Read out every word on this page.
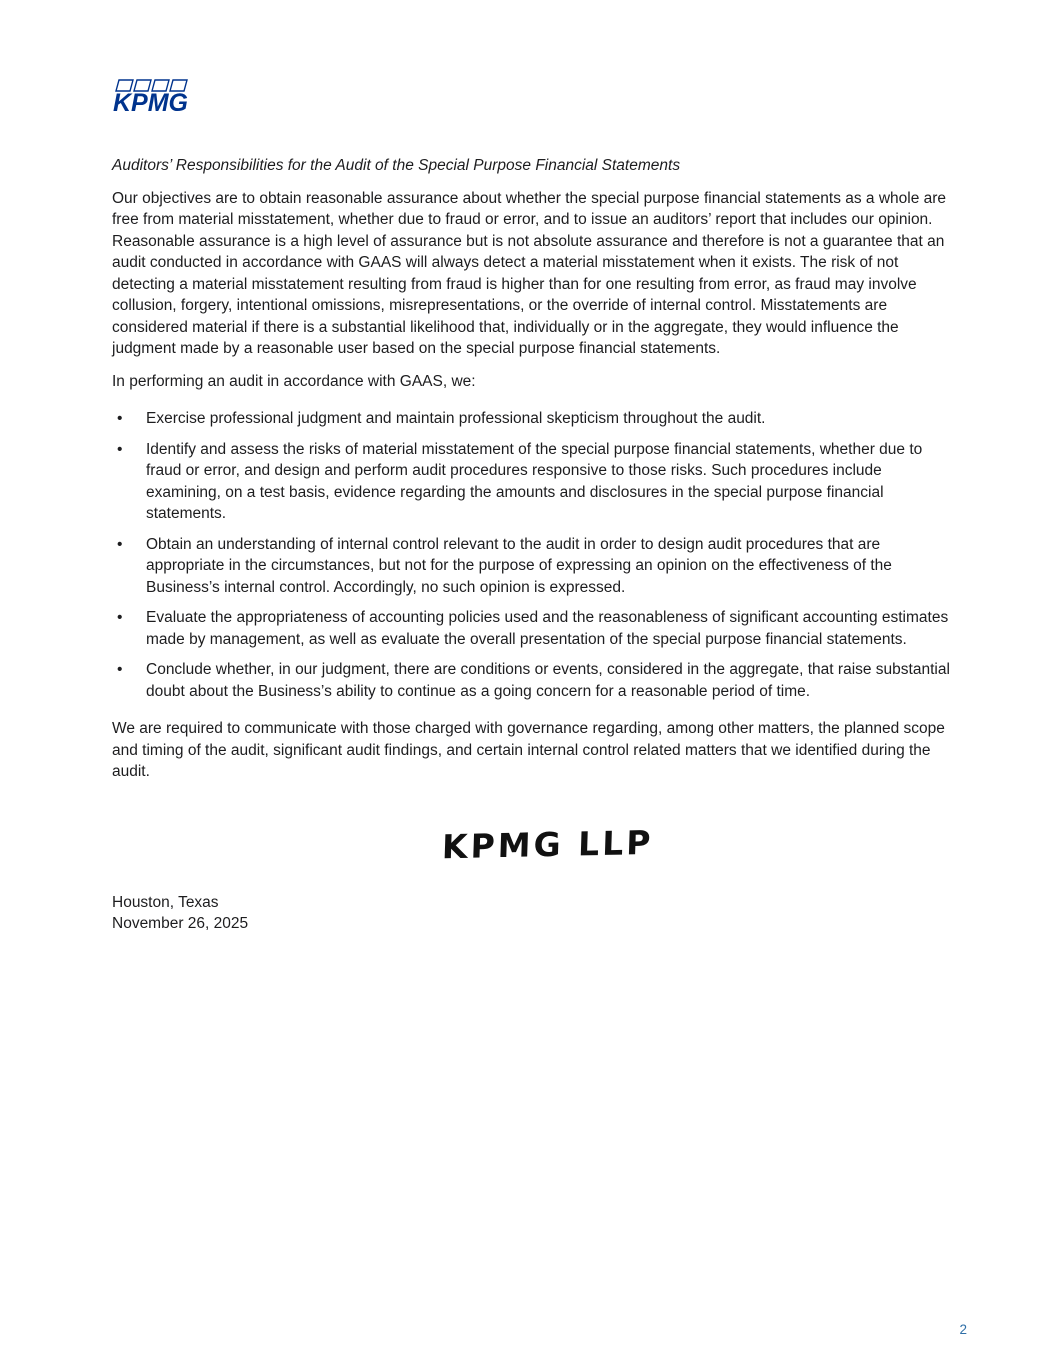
KPMG
Auditors’ Responsibilities for the Audit of the Special Purpose Financial Statements

Our objectives are to obtain reasonable assurance about whether the special purpose financial statements as a whole are free from material misstatement, whether due to fraud or error, and to issue an auditors’ report that includes our opinion. Reasonable assurance is a high level of assurance but is not absolute assurance and therefore is not a guarantee that an audit conducted in accordance with GAAS will always detect a material misstatement when it exists. The risk of not detecting a material misstatement resulting from fraud is higher than for one resulting from error, as fraud may involve collusion, forgery, intentional omissions, misrepresentations, or the override of internal control. Misstatements are considered material if there is a substantial likelihood that, individually or in the aggregate, they would influence the judgment made by a reasonable user based on the special purpose financial statements.

In performing an audit in accordance with GAAS, we:

• Exercise professional judgment and maintain professional skepticism throughout the audit.
• Identify and assess the risks of material misstatement of the special purpose financial statements, whether due to fraud or error, and design and perform audit procedures responsive to those risks. Such procedures include examining, on a test basis, evidence regarding the amounts and disclosures in the special purpose financial statements.
• Obtain an understanding of internal control relevant to the audit in order to design audit procedures that are appropriate in the circumstances, but not for the purpose of expressing an opinion on the effectiveness of the Business’s internal control. Accordingly, no such opinion is expressed.
• Evaluate the appropriateness of accounting policies used and the reasonableness of significant accounting estimates made by management, as well as evaluate the overall presentation of the special purpose financial statements.
• Conclude whether, in our judgment, there are conditions or events, considered in the aggregate, that raise substantial doubt about the Business’s ability to continue as a going concern for a reasonable period of time.

We are required to communicate with those charged with governance regarding, among other matters, the planned scope and timing of the audit, significant audit findings, and certain internal control related matters that we identified during the audit.

KPMG LLP
Houston, Texas
November 26, 2025
2
